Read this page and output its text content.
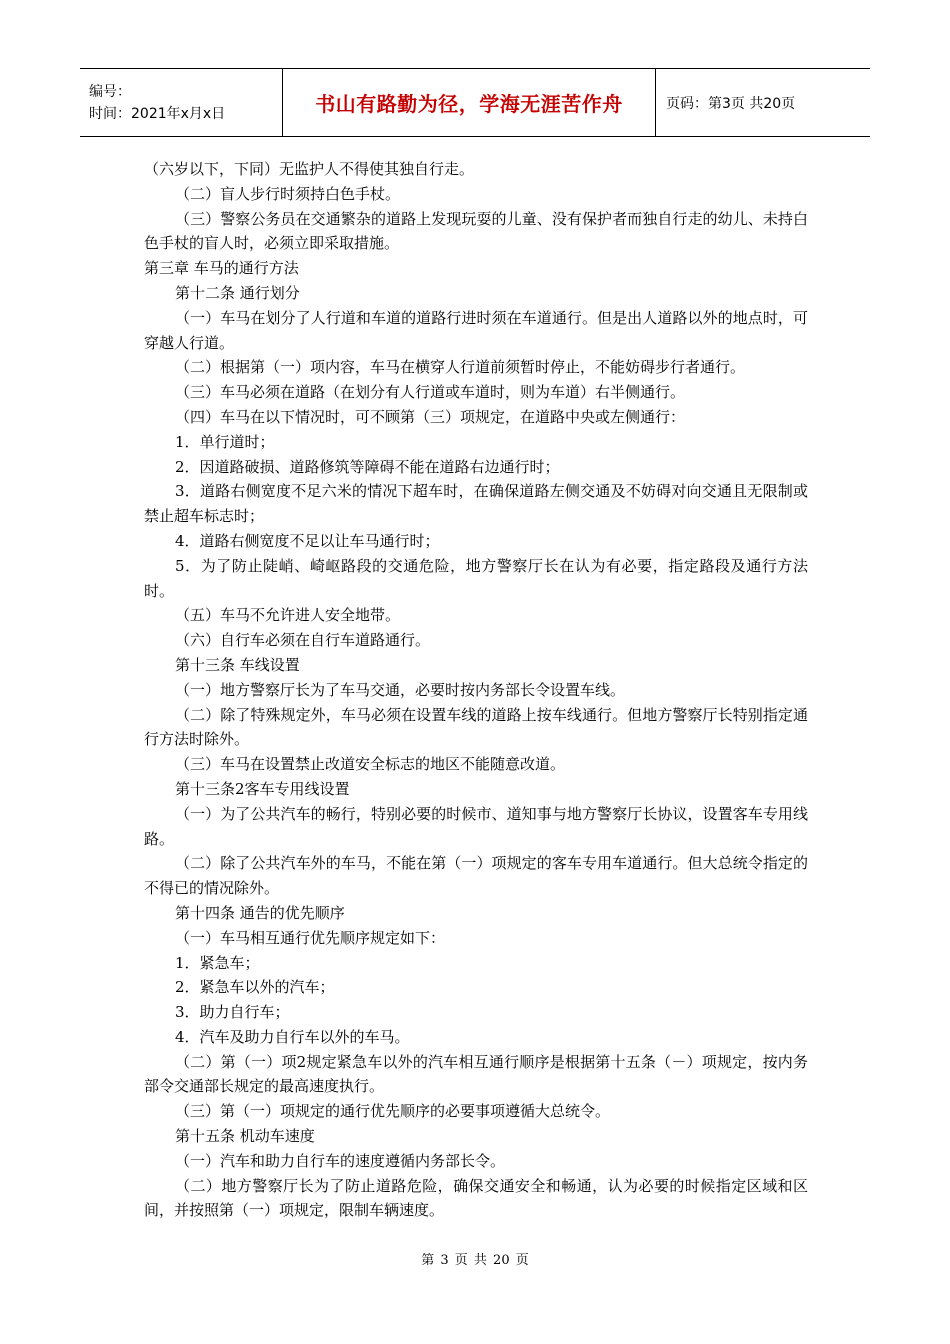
编号：
时间：2021年x月x日	书山有路勤为径，学海无涯苦作舟	页码：第3页 共20页

（六岁以下，下同）无监护人不得使其独自行走。

（二）盲人步行时须持白色手杖。

（三）警察公务员在交通繁杂的道路上发现玩耍的儿童、没有保护者而独自行走的幼儿、未持白色手杖的盲人时，必须立即采取措施。

第三章 车马的通行方法

第十二条 通行划分

（一）车马在划分了人行道和车道的道路行进时须在车道通行。但是出人道路以外的地点时，可穿越人行道。

（二）根据第（一）项内容，车马在横穿人行道前须暂时停止，不能妨碍步行者通行。

（三）车马必须在道路（在划分有人行道或车道时，则为车道）右半侧通行。

（四）车马在以下情况时，可不顾第（三）项规定，在道路中央或左侧通行：

1．单行道时；

2．因道路破损、道路修筑等障碍不能在道路右边通行时；

3．道路右侧宽度不足六米的情况下超车时，在确保道路左侧交通及不妨碍对向交通且无限制或禁止超车标志时；

4．道路右侧宽度不足以让车马通行时；

5．为了防止陡峭、崎岖路段的交通危险，地方警察厅长在认为有必要，指定路段及通行方法时。

（五）车马不允许进人安全地带。

（六）自行车必须在自行车道路通行。

第十三条 车线设置

（一）地方警察厅长为了车马交通，必要时按内务部长令设置车线。

（二）除了特殊规定外，车马必须在设置车线的道路上按车线通行。但地方警察厅长特别指定通行方法时除外。

（三）车马在设置禁止改道安全标志的地区不能随意改道。

第十三条2客车专用线设置

（一）为了公共汽车的畅行，特别必要的时候市、道知事与地方警察厅长协议，设置客车专用线路。

（二）除了公共汽车外的车马，不能在第（一）项规定的客车专用车道通行。但大总统令指定的不得已的情况除外。

第十四条 通告的优先顺序

（一）车马相互通行优先顺序规定如下：

1．紧急车；

2．紧急车以外的汽车；

3．助力自行车；

4．汽车及助力自行车以外的车马。

（二）第（一）项2规定紧急车以外的汽车相互通行顺序是根据第十五条（－）项规定，按内务部令交通部长规定的最高速度执行。

（三）第（一）项规定的通行优先顺序的必要事项遵循大总统令。

第十五条 机动车速度

（一）汽车和助力自行车的速度遵循内务部长令。

（二）地方警察厅长为了防止道路危险，确保交通安全和畅通，认为必要的时候指定区域和区间，并按照第（一）项规定，限制车辆速度。

第 3 页 共 20 页
